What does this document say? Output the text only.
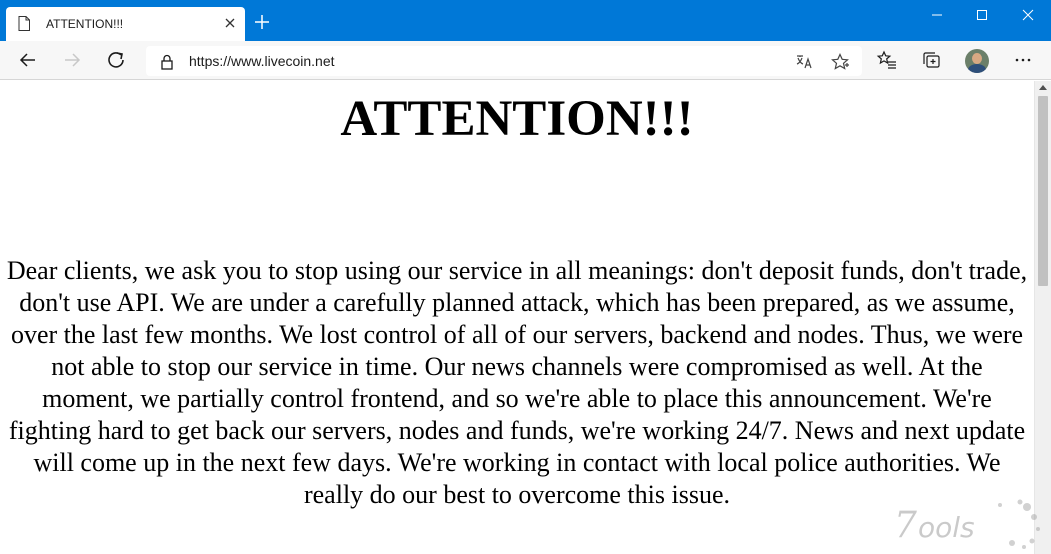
ATTENTION!!!
https://www.livecoin.net
ATTENTION!!!

Dear clients, we ask you to stop using our service in all meanings: don't deposit funds, don't trade, don't use API. We are under a carefully planned attack, which has been prepared, as we assume, over the last few months. We lost control of all of our servers, backend and nodes. Thus, we were not able to stop our service in time. Our news channels were compromised as well. At the moment, we partially control frontend, and so we're able to place this announcement. We're fighting hard to get back our servers, nodes and funds, we're working 24/7. News and next update will come up in the next few days. We're working in contact with local police authorities. We really do our best to overcome this issue.

7 ools
